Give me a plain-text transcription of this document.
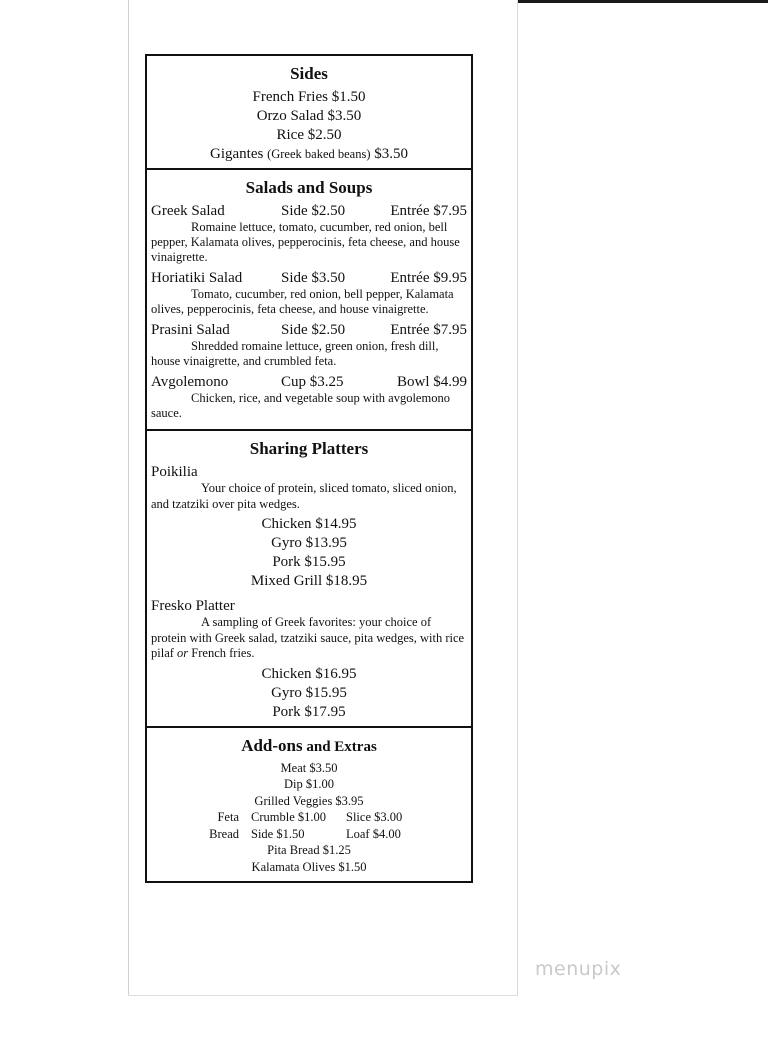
Sides
French Fries $1.50
Orzo Salad $3.50
Rice $2.50
Gigantes (Greek baked beans) $3.50
Salads and Soups
Greek Salad	Side $2.50	Entrée $7.95
Romaine lettuce, tomato, cucumber, red onion, bell pepper, Kalamata olives, pepperocinis, feta cheese, and house vinaigrette.
Horiatiki Salad	Side $3.50	Entrée $9.95
Tomato, cucumber, red onion, bell pepper, Kalamata olives, pepperocinis, feta cheese, and house vinaigrette.
Prasini Salad	Side $2.50	Entrée $7.95
Shredded romaine lettuce, green onion, fresh dill, house vinaigrette, and crumbled feta.
Avgolemono	Cup $3.25	Bowl $4.99
Chicken, rice, and vegetable soup with avgolemono sauce.
Sharing Platters
Poikilia
Your choice of protein, sliced tomato, sliced onion, and tzatziki over pita wedges.
Chicken $14.95
Gyro $13.95
Pork $15.95
Mixed Grill $18.95
Fresko Platter
A sampling of Greek favorites: your choice of protein with Greek salad, tzatziki sauce, pita wedges, with rice pilaf or French fries.
Chicken $16.95
Gyro $15.95
Pork $17.95
Add-ons and Extras
Meat $3.50
Dip $1.00
Grilled Veggies $3.95
Feta Crumble $1.00	Slice $3.00
Bread Side $1.50	Loaf $4.00
Pita Bread $1.25
Kalamata Olives $1.50
menupix
